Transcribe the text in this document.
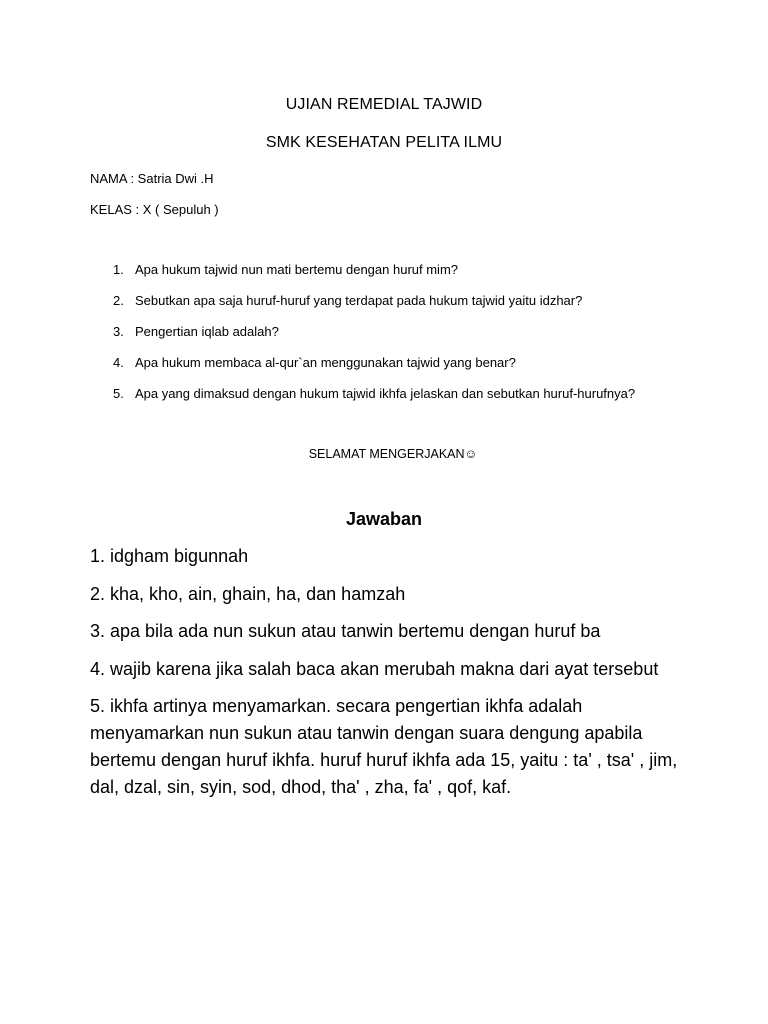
UJIAN REMEDIAL TAJWID
SMK KESEHATAN PELITA ILMU
NAMA : Satria Dwi .H
KELAS : X ( Sepuluh )
1. Apa hukum tajwid nun mati bertemu dengan huruf mim?
2. Sebutkan apa saja huruf-huruf yang terdapat pada hukum tajwid yaitu idzhar?
3. Pengertian iqlab adalah?
4. Apa hukum membaca al-qur`an menggunakan tajwid yang benar?
5. Apa yang dimaksud dengan hukum tajwid ikhfa jelaskan dan sebutkan huruf-hurufnya?
SELAMAT MENGERJAKAN☺
Jawaban

1. idgham bigunnah

2. kha, kho, ain, ghain, ha, dan hamzah

3. apa bila ada nun sukun atau tanwin bertemu dengan huruf ba

4. wajib karena jika salah baca akan merubah makna dari ayat tersebut

5. ikhfa artinya menyamarkan. secara pengertian ikhfa adalah menyamarkan nun sukun atau tanwin dengan suara dengung apabila bertemu dengan huruf ikhfa. huruf huruf ikhfa ada 15, yaitu : ta' , tsa' , jim, dal, dzal, sin, syin, sod, dhod, tha' , zha, fa' , qof, kaf.
